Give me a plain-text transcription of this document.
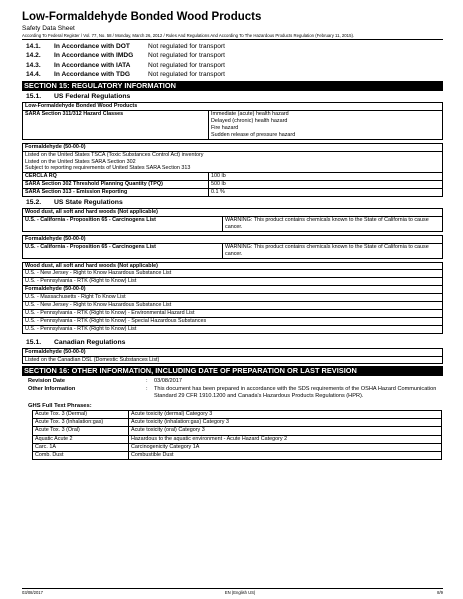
Low-Formaldehyde Bonded Wood Products
Safety Data Sheet
According To Federal Register / Vol. 77, No. 58 / Monday, March 26, 2012 / Rules And Regulations And According To The Hazardous Products Regulation (February 11, 2015).
14.1.	In Accordance with DOT	Not regulated for transport
14.2.	In Accordance with IMDG	Not regulated for transport
14.3.	In Accordance with IATA	Not regulated for transport
14.4.	In Accordance with TDG	Not regulated for transport
SECTION 15: REGULATORY INFORMATION
15.1.	US Federal Regulations
Low-Formaldehyde Bonded Wood Products
SARA Section 311/312 Hazard Classes	Immediate (acute) health hazard
Delayed (chronic) health hazard
Fire hazard
Sudden release of pressure hazard
Formaldehyde (50-00-0)	

Listed on the United States TSCA (Toxic Substances Control Act) inventory
Listed on the United States SARA Section 302
Subject to reporting requirements of United States SARA Section 313	

CERCLA RQ	100 lb
SARA Section 302 Threshold Planning Quantity (TPQ)	500 lb
SARA Section 313 - Emission Reporting	0.1 %
15.2.	US State Regulations
Wood dust, all soft and hard woods (Not applicable)
U.S. - California - Proposition 65 - Carcinogens List	WARNING: This product contains chemicals known to the State of California to cause cancer.
Formaldehyde (50-00-0)
U.S. - California - Proposition 65 - Carcinogens List	WARNING: This product contains chemicals known to the State of California to cause cancer.
Wood dust, all soft and hard woods (Not applicable)
U.S. - New Jersey - Right to Know Hazardous Substance List
U.S. - Pennsylvania - RTK (Right to Know) List
Formaldehyde (50-00-0)
U.S. - Massachusetts - Right To Know List
U.S. - New Jersey - Right to Know Hazardous Substance List
U.S. - Pennsylvania - RTK (Right to Know) - Environmental Hazard List
U.S. - Pennsylvania - RTK (Right to Know) - Special Hazardous Substances
U.S. - Pennsylvania - RTK (Right to Know) List
15.1.	Canadian Regulations
Formaldehyde (50-00-0)
Listed on the Canadian DSL (Domestic Substances List)
SECTION 16: OTHER INFORMATION, INCLUDING DATE OF PREPARATION OR LAST REVISION
Revision Date	:	03/08/2017
Other Information	:	This document has been prepared in accordance with the SDS requirements of the OSHA Hazard Communication Standard 29 CFR 1910.1200 and Canada's Hazardous Products Regulations (HPR).
GHS Full Text Phrases:
Acute Tox. 3 (Dermal)	Acute toxicity (dermal) Category 3
Acute Tox. 3 (Inhalation:gas)	Acute toxicity (inhalation:gas) Category 3
Acute Tox. 3 (Oral)	Acute toxicity (oral) Category 3
Aquatic Acute 2	Hazardous to the aquatic environment - Acute Hazard Category 2
Carc. 1A	Carcinogenicity Category 1A
Comb. Dust	Combustible Dust
03/08/2017	EN (English US)	8/9
